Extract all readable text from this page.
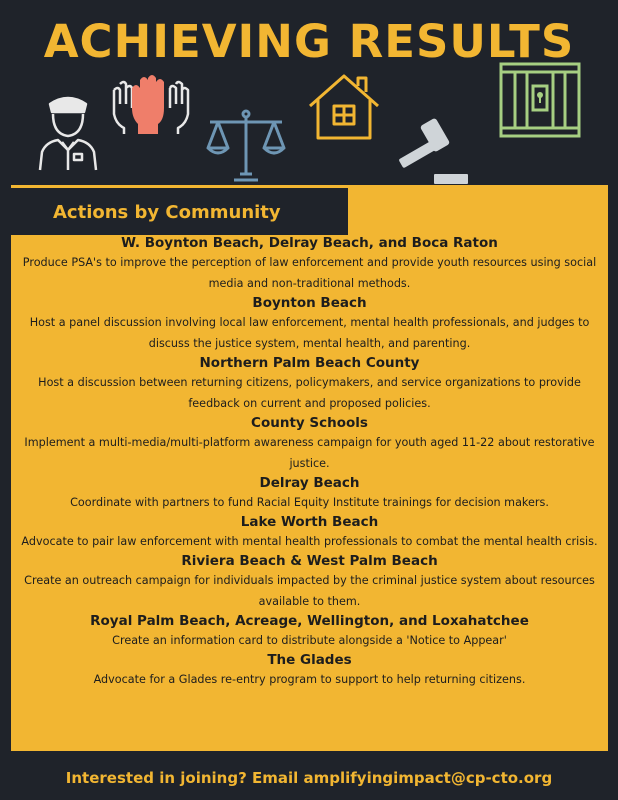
ACHIEVING RESULTS
Actions by Community
W. Boynton Beach, Delray Beach, and Boca Raton

Produce PSA's to improve the perception of law enforcement and provide youth resources using social media and non-traditional methods.

Boynton Beach

Host a panel discussion involving local law enforcement, mental health professionals, and judges to discuss the justice system, mental health, and parenting.

Northern Palm Beach County

Host a discussion between returning citizens, policymakers, and service organizations to provide feedback on current and proposed policies.

County Schools

Implement a multi-media/multi-platform awareness campaign for youth aged 11-22 about restorative justice.

Delray Beach

Coordinate with partners to fund Racial Equity Institute trainings for decision makers.

Lake Worth Beach

Advocate to pair law enforcement with mental health professionals to combat the mental health crisis.

Riviera Beach & West Palm Beach

Create an outreach campaign for individuals impacted by the criminal justice system about resources available to them.

Royal Palm Beach, Acreage, Wellington, and Loxahatchee

Create an information card to distribute alongside a 'Notice to Appear'

The Glades

Advocate for a Glades re-entry program to support to help returning citizens.

Interested in joining? Email amplifyingimpact@cp-cto.org
